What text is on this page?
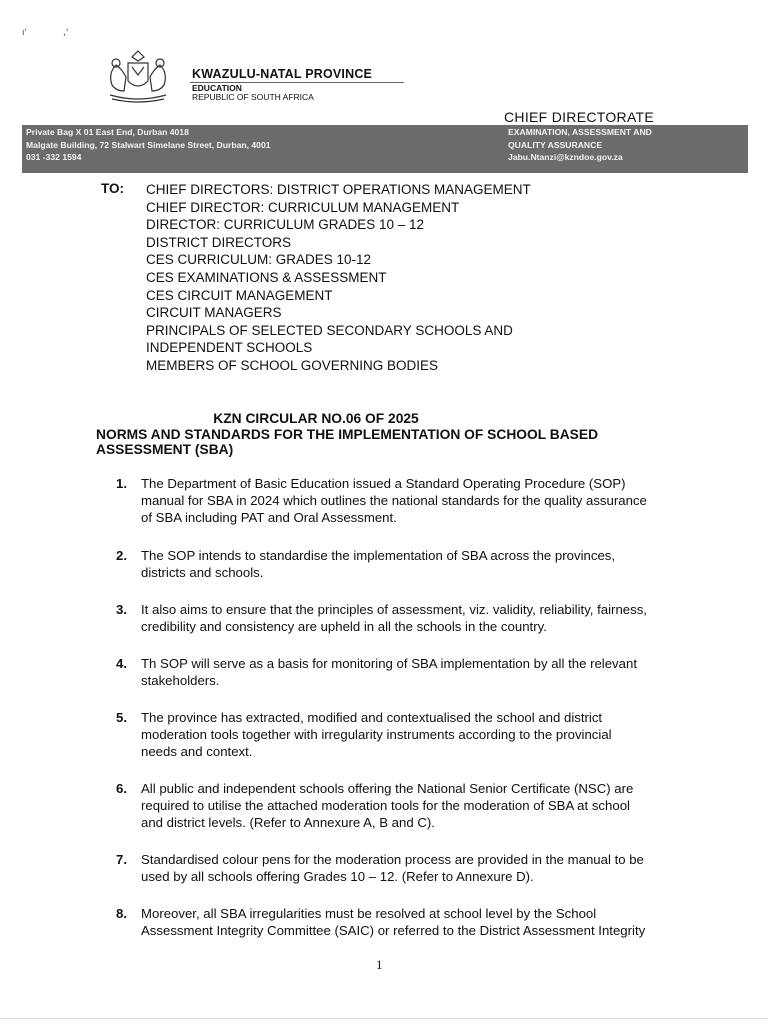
ı'	,'
KWAZULU-NATAL PROVINCE
EDUCATION
REPUBLIC OF SOUTH AFRICA
CHIEF DIRECTORATE
Private Bag X 01 East End, Durban 4018
Malgate Building, 72 Stalwart Simelane Street, Durban, 4001
031 -332 1594
EXAMINATION, ASSESSMENT AND
QUALITY ASSURANCE
Jabu.Ntanzi@kzndoe.gov.za
TO: CHIEF DIRECTORS: DISTRICT OPERATIONS MANAGEMENT
CHIEF DIRECTOR: CURRICULUM MANAGEMENT
DIRECTOR: CURRICULUM GRADES 10 – 12
DISTRICT DIRECTORS
CES CURRICULUM: GRADES 10-12
CES EXAMINATIONS & ASSESSMENT
CES CIRCUIT MANAGEMENT
CIRCUIT MANAGERS
PRINCIPALS OF SELECTED SECONDARY SCHOOLS AND
INDEPENDENT SCHOOLS
MEMBERS OF SCHOOL GOVERNING BODIES
KZN CIRCULAR NO.06 OF 2025
NORMS AND STANDARDS FOR THE IMPLEMENTATION OF SCHOOL BASED
ASSESSMENT (SBA)
1. The Department of Basic Education issued a Standard Operating Procedure (SOP)
manual for SBA in 2024 which outlines the national standards for the quality assurance
of SBA including PAT and Oral Assessment.
2. The SOP intends to standardise the implementation of SBA across the provinces,
districts and schools.
3. It also aims to ensure that the principles of assessment, viz. validity, reliability, fairness,
credibility and consistency are upheld in all the schools in the country.
4. Th SOP will serve as a basis for monitoring of SBA implementation by all the relevant
stakeholders.
5. The province has extracted, modified and contextualised the school and district
moderation tools together with irregularity instruments according to the provincial
needs and context.
6. All public and independent schools offering the National Senior Certificate (NSC) are
required to utilise the attached moderation tools for the moderation of SBA at school
and district levels. (Refer to Annexure A, B and C).
7. Standardised colour pens for the moderation process are provided in the manual to be
used by all schools offering Grades 10 – 12. (Refer to Annexure D).
8. Moreover, all SBA irregularities must be resolved at school level by the School
Assessment Integrity Committee (SAIC) or referred to the District Assessment Integrity
1
